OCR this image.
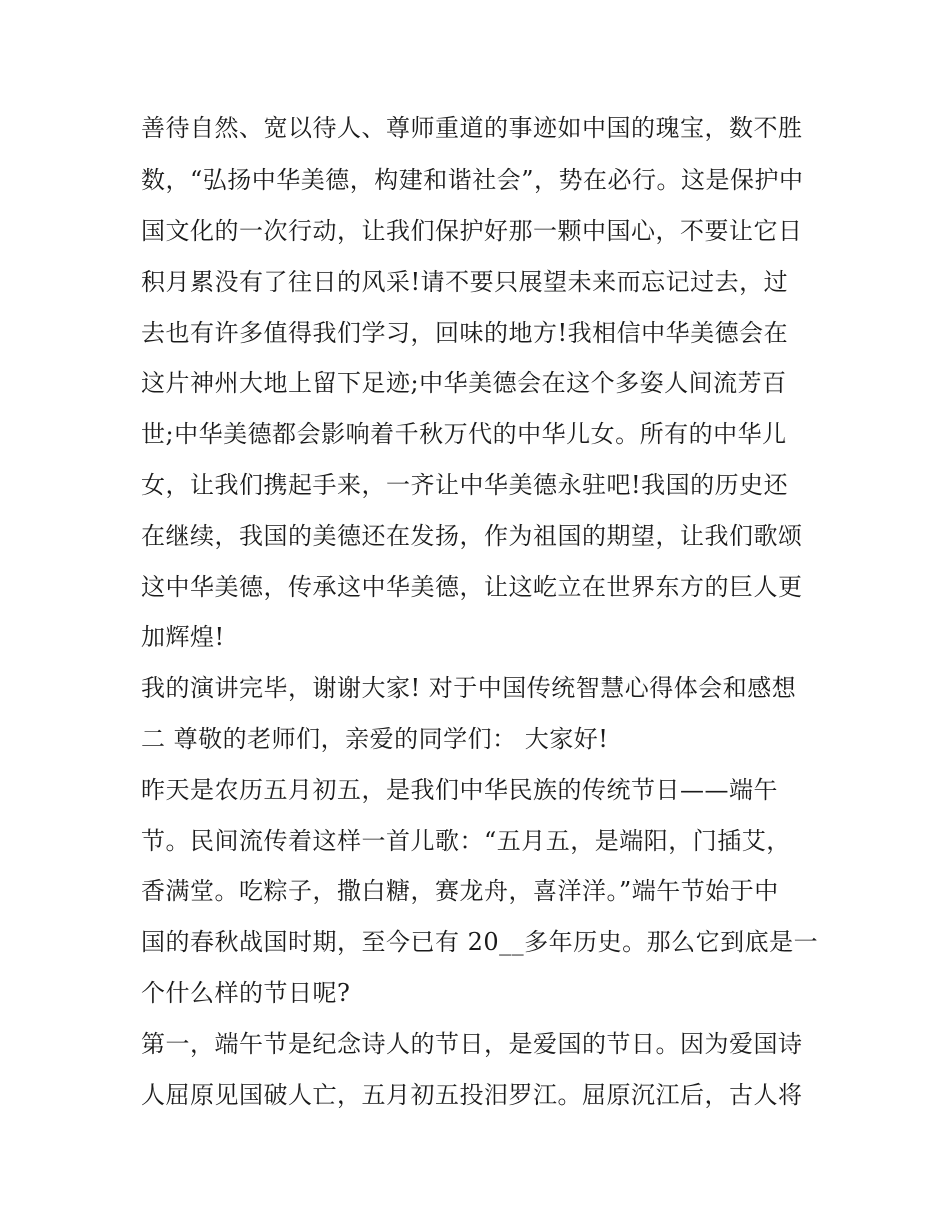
善待自然、宽以待人、尊师重道的事迹如中国的瑰宝，数不胜
数，“弘扬中华美德，构建和谐社会”，势在必行。这是保护中
国文化的一次行动，让我们保护好那一颗中国心，不要让它日
积月累没有了往日的风采!请不要只展望未来而忘记过去，过
去也有许多值得我们学习，回味的地方!我相信中华美德会在
这片神州大地上留下足迹;中华美德会在这个多姿人间流芳百
世;中华美德都会影响着千秋万代的中华儿女。所有的中华儿
女，让我们携起手来，一齐让中华美德永驻吧!我国的历史还
在继续，我国的美德还在发扬，作为祖国的期望，让我们歌颂
这中华美德，传承这中华美德，让这屹立在世界东方的巨人更
加辉煌!
我的演讲完毕，谢谢大家! 对于中国传统智慧心得体会和感想
二 尊敬的老师们，亲爱的同学们： 大家好!
昨天是农历五月初五，是我们中华民族的传统节日——端午
节。民间流传着这样一首儿歌：“五月五，是端阳，门插艾，
香满堂。吃粽子，撒白糖，赛龙舟，喜洋洋。”端午节始于中
国的春秋战国时期，至今已有 20__多年历史。那么它到底是一
个什么样的节日呢?
第一，端午节是纪念诗人的节日，是爱国的节日。因为爱国诗
人屈原见国破人亡，五月初五投汨罗江。屈原沉江后，古人将
